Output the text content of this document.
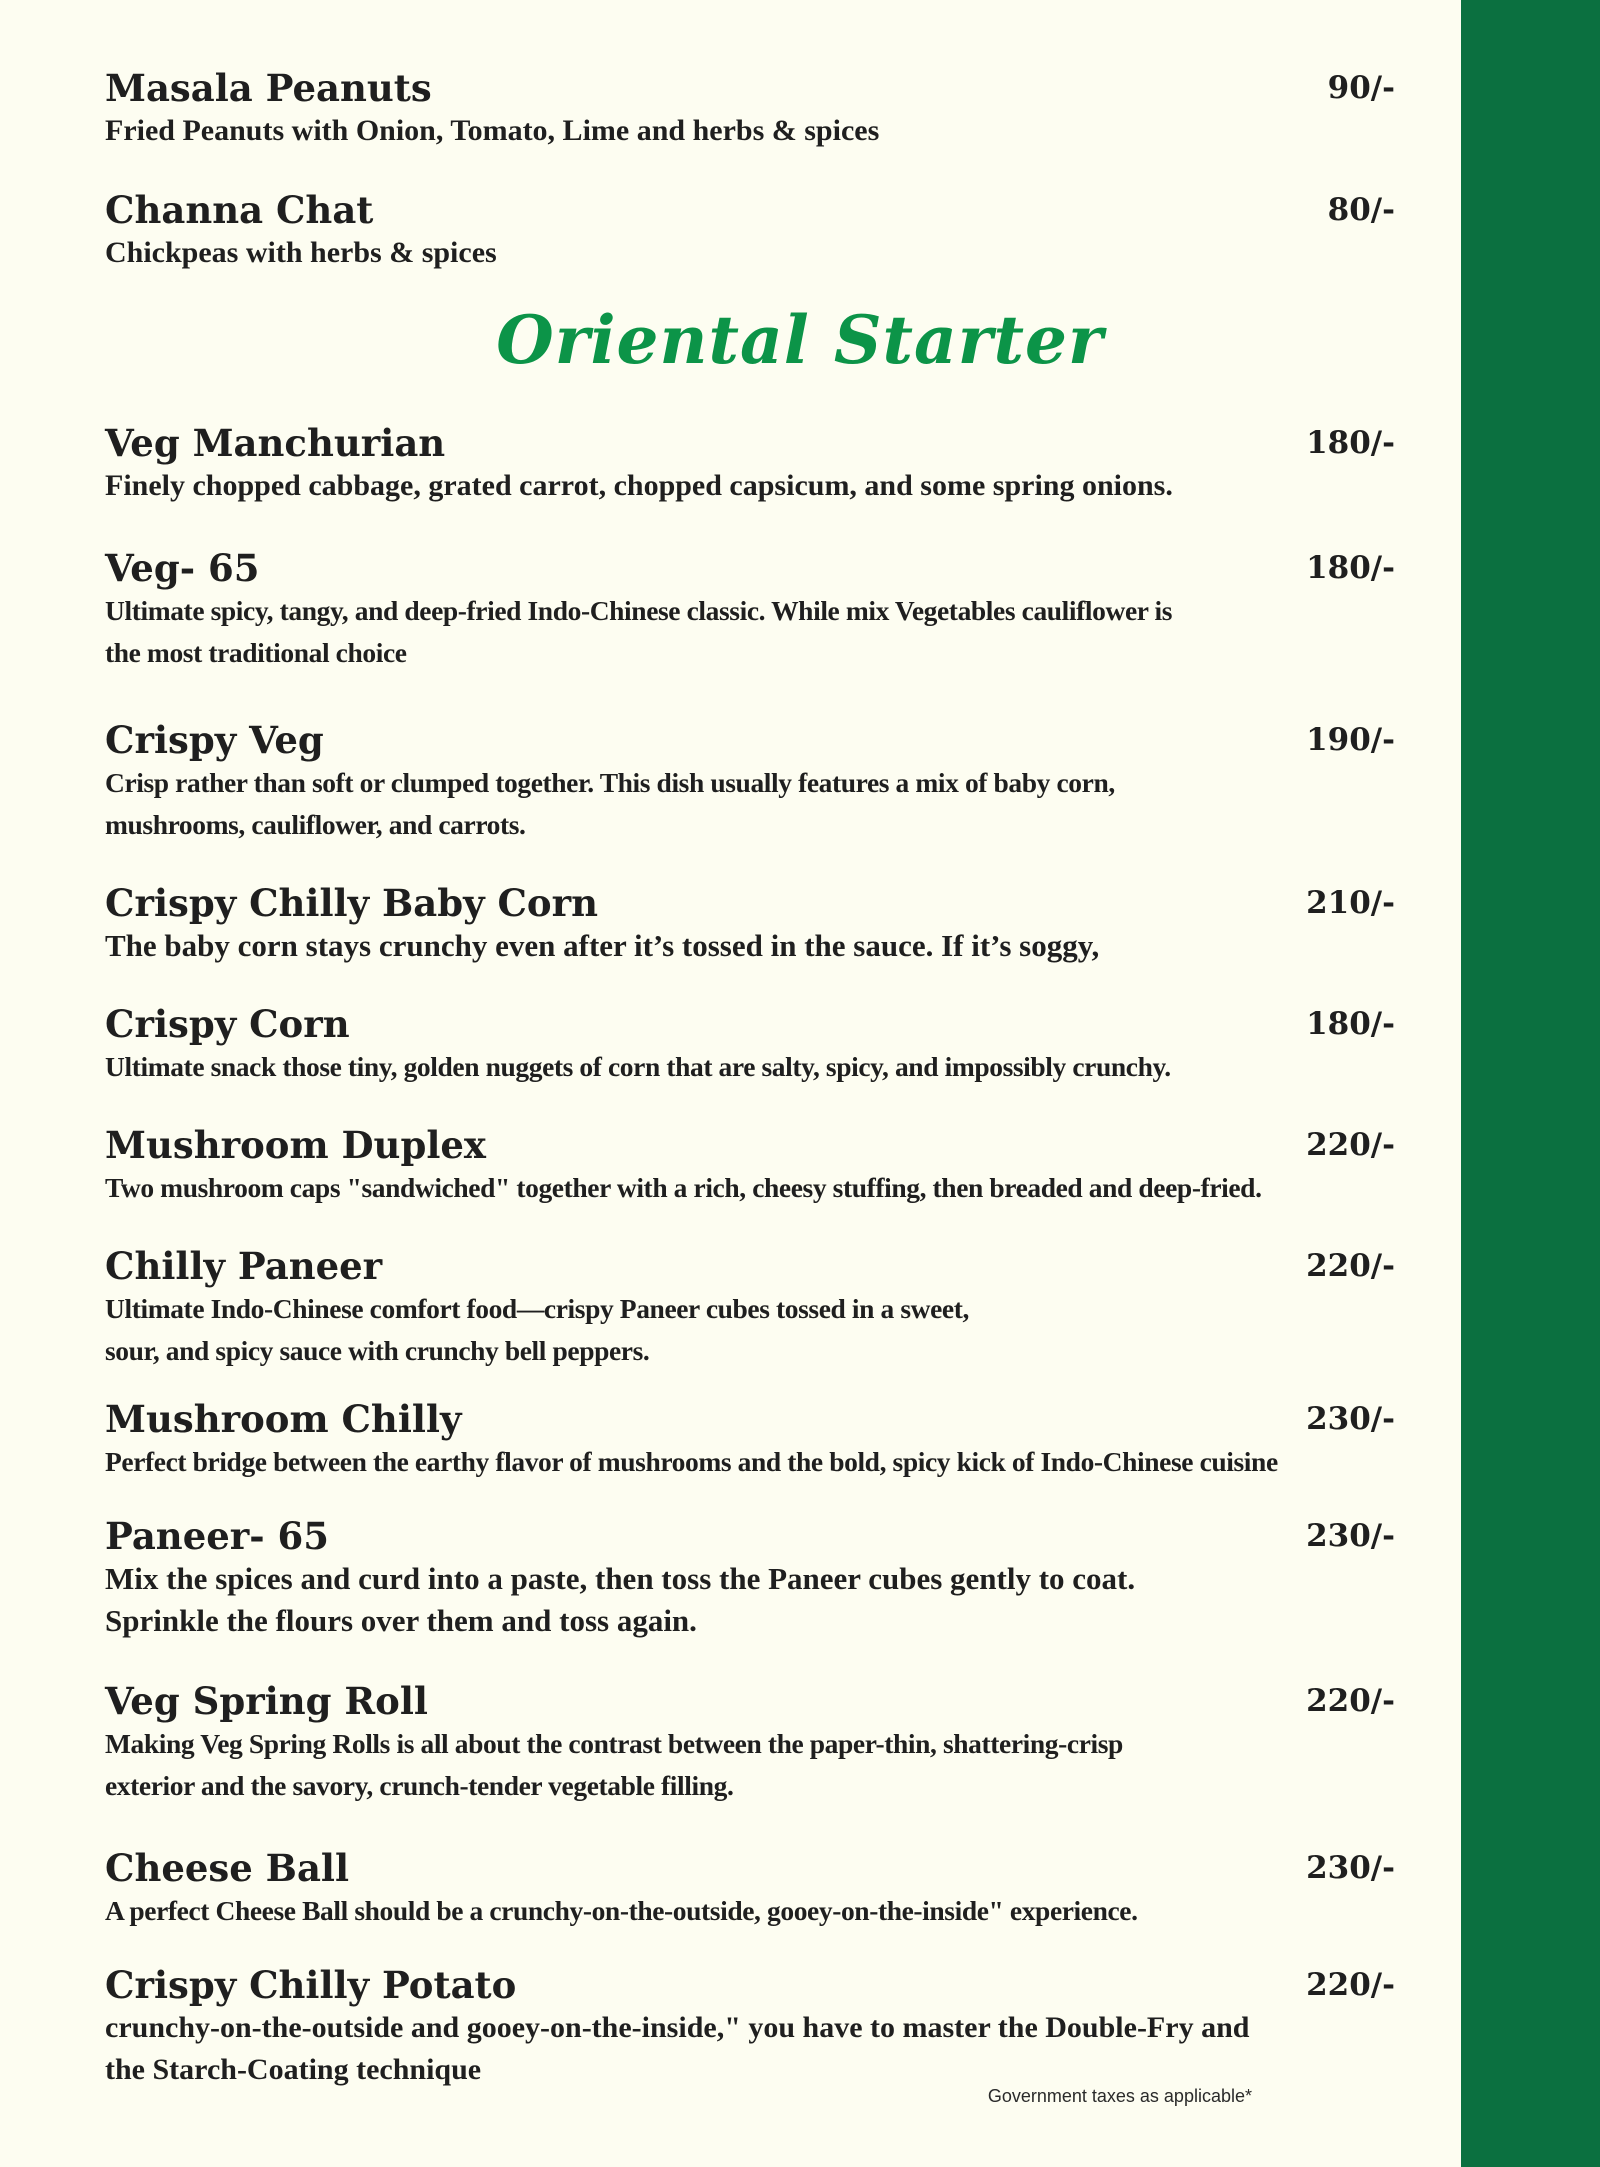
Masala Peanuts	90/-
Fried Peanuts with Onion, Tomato, Lime and herbs & spices
Channa Chat	80/-
Chickpeas with herbs & spices
Oriental Starter
Veg Manchurian	180/-
Finely chopped cabbage, grated carrot, chopped capsicum, and some spring onions.
Veg- 65	180/-
Ultimate spicy, tangy, and deep-fried Indo-Chinese classic. While mix Vegetables cauliflower is
the most traditional choice
Crispy Veg	190/-
Crisp rather than soft or clumped together. This dish usually features a mix of baby corn,
mushrooms, cauliflower, and carrots.
Crispy Chilly Baby Corn	210/-
The baby corn stays crunchy even after it’s tossed in the sauce. If it’s soggy,
Crispy Corn	180/-
Ultimate snack those tiny, golden nuggets of corn that are salty, spicy, and impossibly crunchy.
Mushroom Duplex	220/-
Two mushroom caps "sandwiched" together with a rich, cheesy stuffing, then breaded and deep-fried.
Chilly Paneer	220/-
Ultimate Indo-Chinese comfort food—crispy Paneer cubes tossed in a sweet,
sour, and spicy sauce with crunchy bell peppers.
Mushroom Chilly	230/-
Perfect bridge between the earthy flavor of mushrooms and the bold, spicy kick of Indo-Chinese cuisine
Paneer- 65	230/-
Mix the spices and curd into a paste, then toss the Paneer cubes gently to coat.
Sprinkle the flours over them and toss again.
Veg Spring Roll	220/-
Making Veg Spring Rolls is all about the contrast between the paper-thin, shattering-crisp
exterior and the savory, crunch-tender vegetable filling.
Cheese Ball	230/-
A perfect Cheese Ball should be a crunchy-on-the-outside, gooey-on-the-inside" experience.
Crispy Chilly Potato	220/-
crunchy-on-the-outside and gooey-on-the-inside," you have to master the Double-Fry and
the Starch-Coating technique
Government taxes as applicable*
